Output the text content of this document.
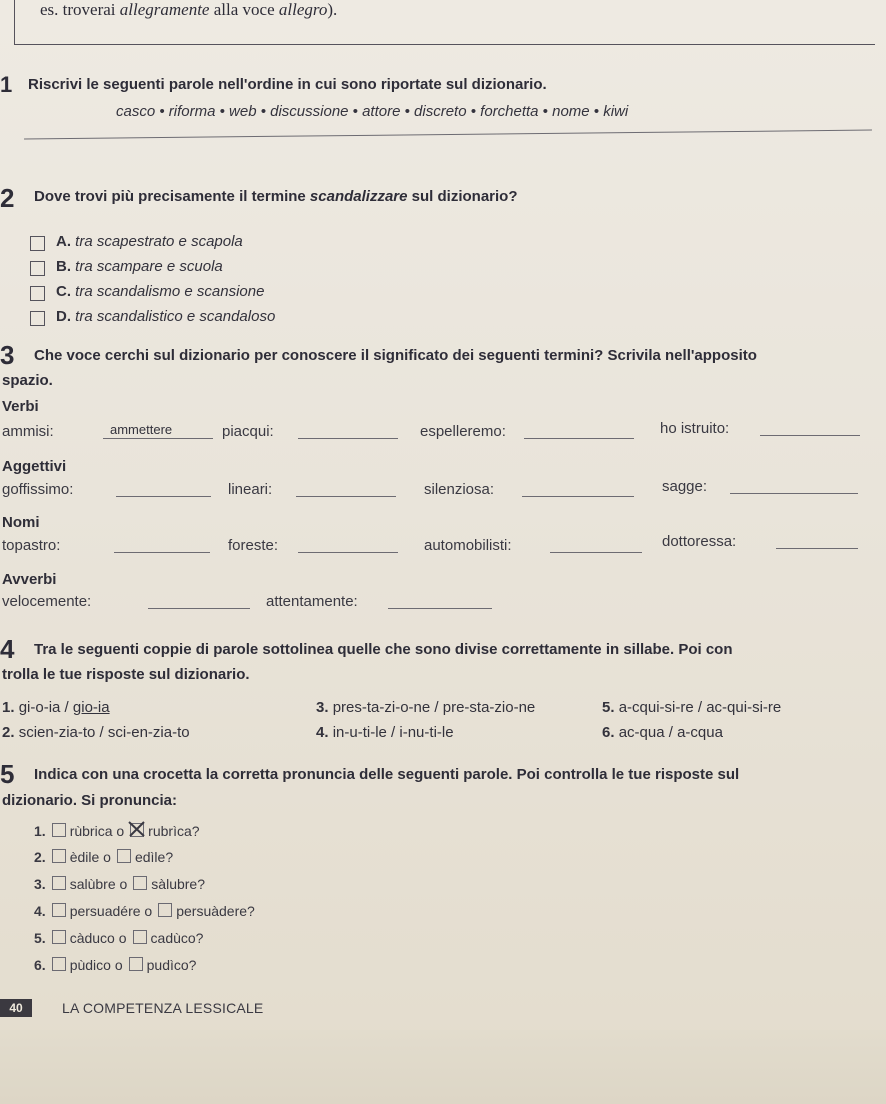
es. troverai allegramente alla voce allegro).
1 Riscrivi le seguenti parole nell'ordine in cui sono riportate sul dizionario.
casco • riforma • web • discussione • attore • discreto • forchetta • nome • kiwi
2 Dove trovi più precisamente il termine scandalizzare sul dizionario?
A. tra scapestrato e scapola
B. tra scampare e scuola
C. tra scandalismo e scansione
D. tra scandalistico e scandaloso
3 Che voce cerchi sul dizionario per conoscere il significato dei seguenti termini? Scrivila nell'apposito
spazio.
Verbi
ammisi:	ammettere	piacqui:	espelleremo:	ho istruito:
Aggettivi
goffissimo:	lineari:	silenziosa:	sagge:
Nomi
topastro:	foreste:	automobilisti:	dottoressa:
Avverbi
velocemente:	attentamente:
4 Tra le seguenti coppie di parole sottolinea quelle che sono divise correttamente in sillabe. Poi con
trolla le tue risposte sul dizionario.
1. gi-o-ia / gio-ia
2. scien-zia-to / sci-en-zia-to
3. pres-ta-zi-o-ne / pre-sta-zio-ne
4. in-u-ti-le / i-nu-ti-le
5. a-cqui-si-re / ac-qui-si-re
6. ac-qua / a-cqua
5 Indica con una crocetta la corretta pronuncia delle seguenti parole. Poi controlla le tue risposte sul
dizionario. Si pronuncia:
1. rùbrica o rubrìca?
2. èdile o edìle?
3. salùbre o sàlubre?
4. persuadére o persuàdere?
5. càduco o cadùco?
6. pùdico o pudìco?
40	LA COMPETENZA LESSICALE
